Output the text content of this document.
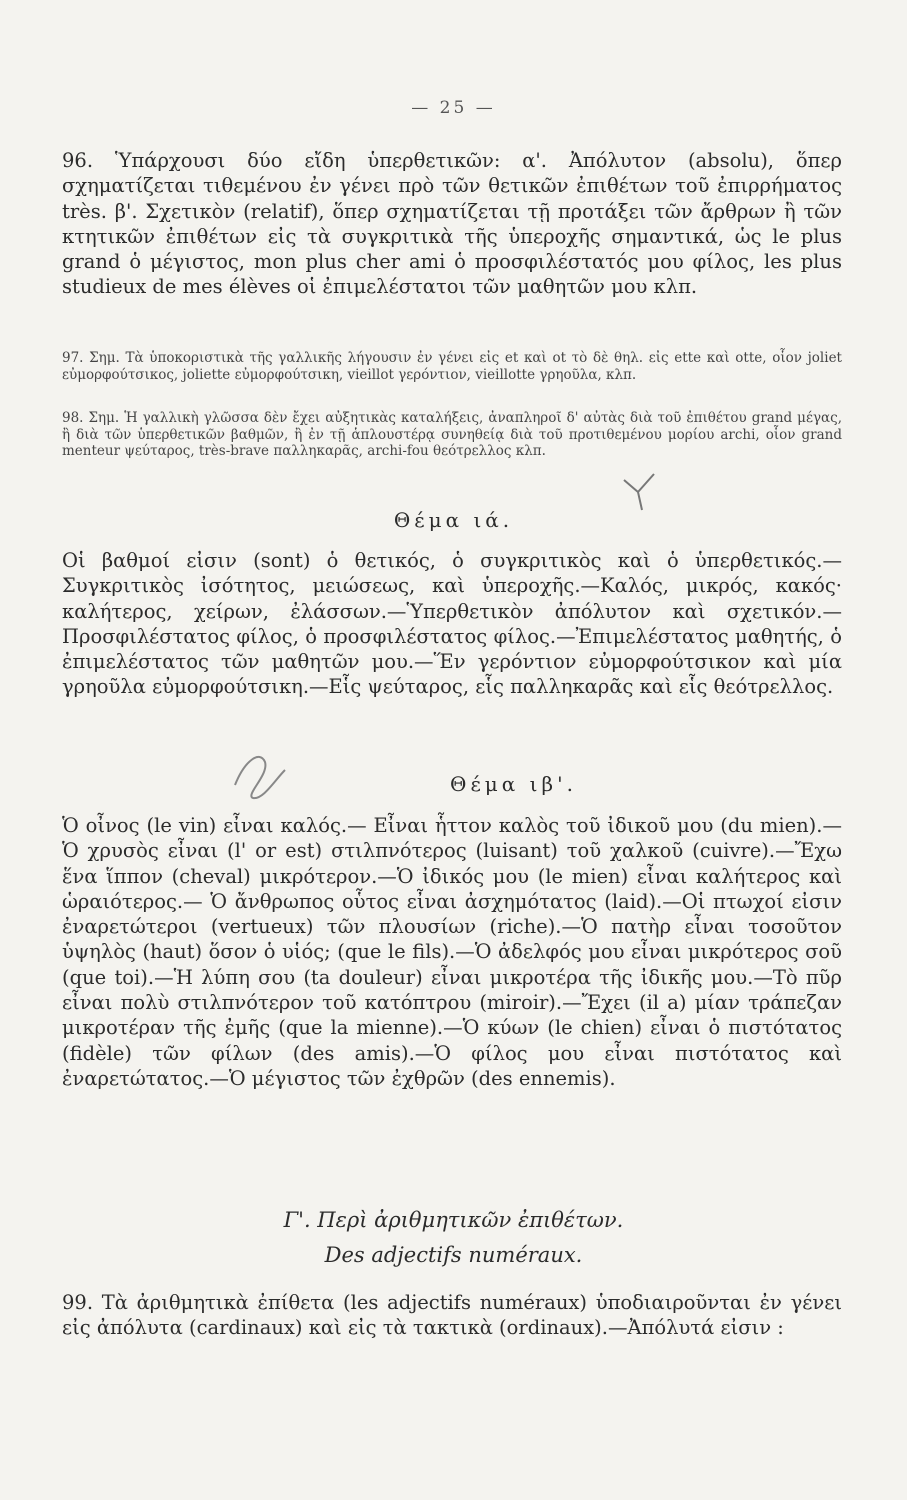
— 25 —

96. Ὑπάρχουσι δύο εἴδη ὑπερθετικῶν: α'. Ἀπόλυτον (absolu), ὅπερ σχηματίζεται τιθεμένου ἐν γένει πρὸ τῶν θετικῶν ἐπιθέτων τοῦ ἐπιρρήματος très. β'. Σχετικὸν (relatif), ὅπερ σχηματίζεται τῇ προτάξει τῶν ἄρθρων ἢ τῶν κτητικῶν ἐπιθέτων εἰς τὰ συγκριτικὰ τῆς ὑπεροχῆς σημαντικά, ὡς le plus grand ὁ μέγιστος, mon plus cher ami ὁ προσφιλέστατός μου φίλος, les plus studieux de mes élèves οἱ ἐπιμελέστατοι τῶν μαθητῶν μου κλπ.

97. Σημ. Τὰ ὑποκοριστικὰ τῆς γαλλικῆς λήγουσιν ἐν γένει εἰς et καὶ ot τὸ δὲ θηλ. εἰς ette καὶ otte, οἷον joliet εὐμορφούτσικος, joliette εὐμορφούτσικη, vieillot γερόντιον, vieillotte γρηοῦλα, κλπ.

98. Σημ. Ἡ γαλλικὴ γλῶσσα δὲν ἔχει αὐξητικὰς καταλήξεις, ἀναπληροῖ δ' αὐτὰς διὰ τοῦ ἐπιθέτου grand μέγας, ἢ διὰ τῶν ὑπερθετικῶν βαθμῶν, ἢ ἐν τῇ ἁπλουστέρᾳ συνηθείᾳ διὰ τοῦ προτιθεμένου μορίου archi, οἷον grand menteur ψεύταρος, très-brave παλληκαρᾶς, archi-fou θεότρελλος κλπ.

Θέμα ιά.

Οἱ βαθμοί εἰσιν (sont) ὁ θετικός, ὁ συγκριτικὸς καὶ ὁ ὑπερθετικός.—Συγκριτικὸς ἰσότητος, μειώσεως, καὶ ὑπεροχῆς.—Καλός, μικρός, κακός· καλήτερος, χείρων, ἐλάσσων.—Ὑπερθετικὸν ἀπόλυτον καὶ σχετικόν.—Προσφιλέστατος φίλος, ὁ προσφιλέστατος φίλος.—Ἐπιμελέστατος μαθητής, ὁ ἐπιμελέστατος τῶν μαθητῶν μου.—Ἕν γερόντιον εὐμορφούτσικον καὶ μία γρηοῦλα εὐμορφούτσικη.—Εἷς ψεύταρος, εἷς παλληκαρᾶς καὶ εἷς θεότρελλος.

Θέμα ιβ'.

Ὁ οἶνος (le vin) εἶναι καλός.— Εἶναι ἧττον καλὸς τοῦ ἰδικοῦ μου (du mien).—Ὁ χρυσὸς εἶναι (l' or est) στιλπνότερος (luisant) τοῦ χαλκοῦ (cuivre).—Ἔχω ἕνα ἵππον (cheval) μικρότερον.—Ὁ ἰδικός μου (le mien) εἶναι καλήτερος καὶ ὡραιότερος.— Ὁ ἄνθρωπος οὗτος εἶναι ἀσχημότατος (laid).—Οἱ πτωχοί εἰσιν ἐναρετώτεροι (vertueux) τῶν πλουσίων (riche).—Ὁ πατὴρ εἶναι τοσοῦτον ὑψηλὸς (haut) ὅσον ὁ υἱός; (que le fils).—Ὁ ἀδελφός μου εἶναι μικρότερος σοῦ (que toi).—Ἡ λύπη σου (ta douleur) εἶναι μικροτέρα τῆς ἰδικῆς μου.—Τὸ πῦρ εἶναι πολὺ στιλπνότερον τοῦ κατόπτρου (miroir).—Ἔχει (il a) μίαν τράπεζαν μικροτέραν τῆς ἐμῆς (que la mienne).—Ὁ κύων (le chien) εἶναι ὁ πιστότατος (fidèle) τῶν φίλων (des amis).—Ὁ φίλος μου εἶναι πιστότατος καὶ ἐναρετώτατος.—Ὁ μέγιστος τῶν ἐχθρῶν (des ennemis).

Γ'. Περὶ ἀριθμητικῶν ἐπιθέτων.
Des adjectifs numéraux.

99. Τὰ ἀριθμητικὰ ἐπίθετα (les adjectifs numéraux) ὑποδιαιροῦνται ἐν γένει εἰς ἀπόλυτα (cardinaux) καὶ εἰς τὰ τακτικὰ (ordinaux).—Ἀπόλυτά εἰσιν :
